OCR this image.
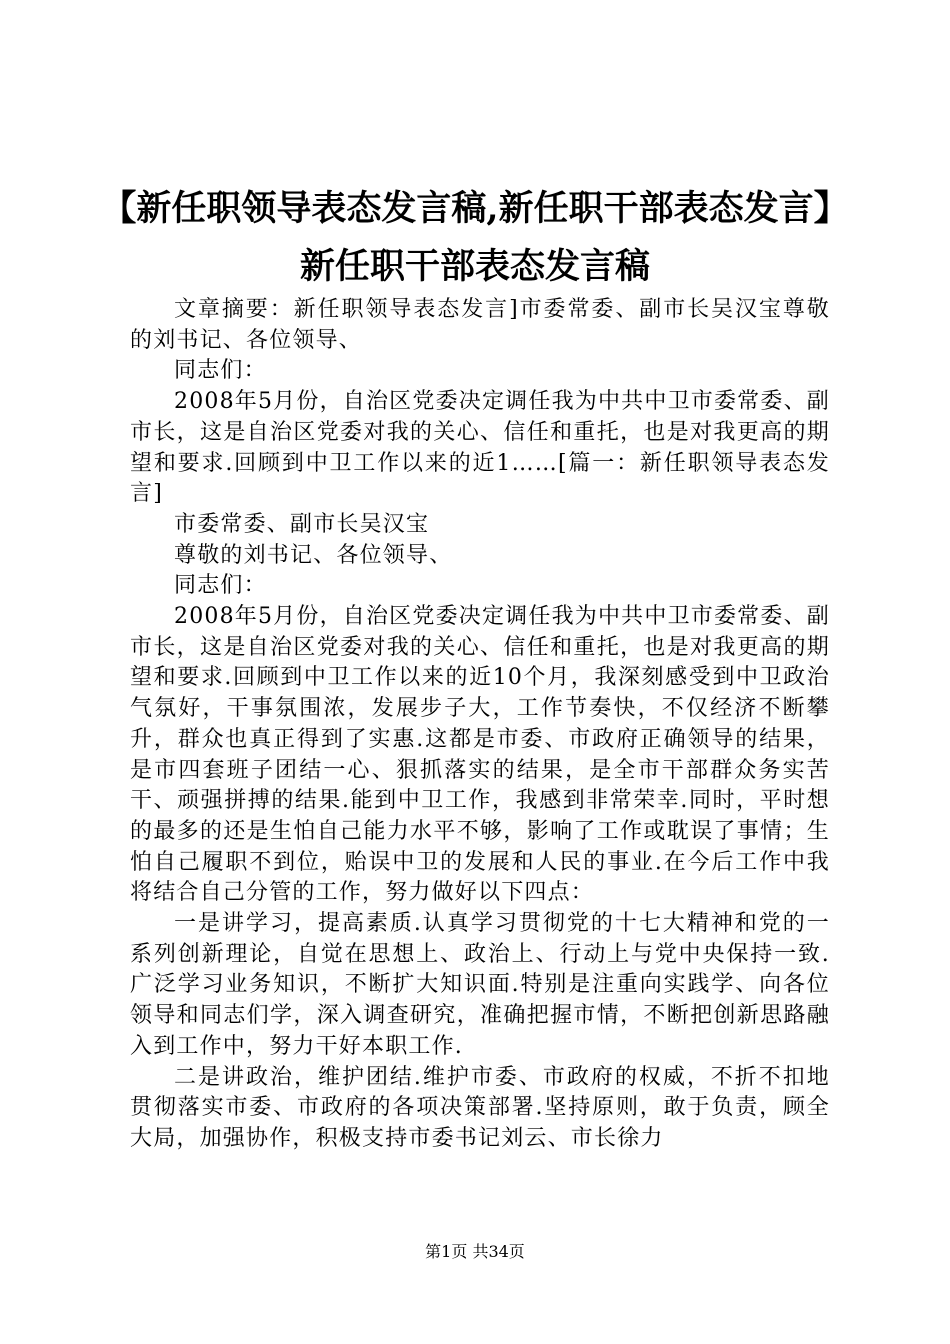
【新任职领导表态发言稿,新任职干部表态发言】新任职干部表态发言稿

文章摘要：新任职领导表态发言]市委常委、副市长吴汉宝尊敬的刘书记、各位领导、

同志们：

2008年5月份，自治区党委决定调任我为中共中卫市委常委、副市长，这是自治区党委对我的关心、信任和重托，也是对我更高的期望和要求.回顾到中卫工作以来的近1……[篇一：新任职领导表态发言]

市委常委、副市长吴汉宝

尊敬的刘书记、各位领导、

同志们：

2008年5月份，自治区党委决定调任我为中共中卫市委常委、副市长，这是自治区党委对我的关心、信任和重托，也是对我更高的期望和要求.回顾到中卫工作以来的近10个月，我深刻感受到中卫政治气氛好，干事氛围浓，发展步子大，工作节奏快，不仅经济不断攀升，群众也真正得到了实惠.这都是市委、市政府正确领导的结果，是市四套班子团结一心、狠抓落实的结果，是全市干部群众务实苦干、顽强拼搏的结果.能到中卫工作，我感到非常荣幸.同时，平时想的最多的还是生怕自己能力水平不够，影响了工作或耽误了事情；生怕自己履职不到位，贻误中卫的发展和人民的事业.在今后工作中我将结合自己分管的工作，努力做好以下四点：

一是讲学习，提高素质.认真学习贯彻党的十七大精神和党的一系列创新理论，自觉在思想上、政治上、行动上与党中央保持一致.广泛学习业务知识，不断扩大知识面.特别是注重向实践学、向各位领导和同志们学，深入调查研究，准确把握市情，不断把创新思路融入到工作中，努力干好本职工作.

二是讲政治，维护团结.维护市委、市政府的权威，不折不扣地贯彻落实市委、市政府的各项决策部署.坚持原则，敢于负责，顾全大局，加强协作，积极支持市委书记刘云、市长徐力

第1页 共34页
